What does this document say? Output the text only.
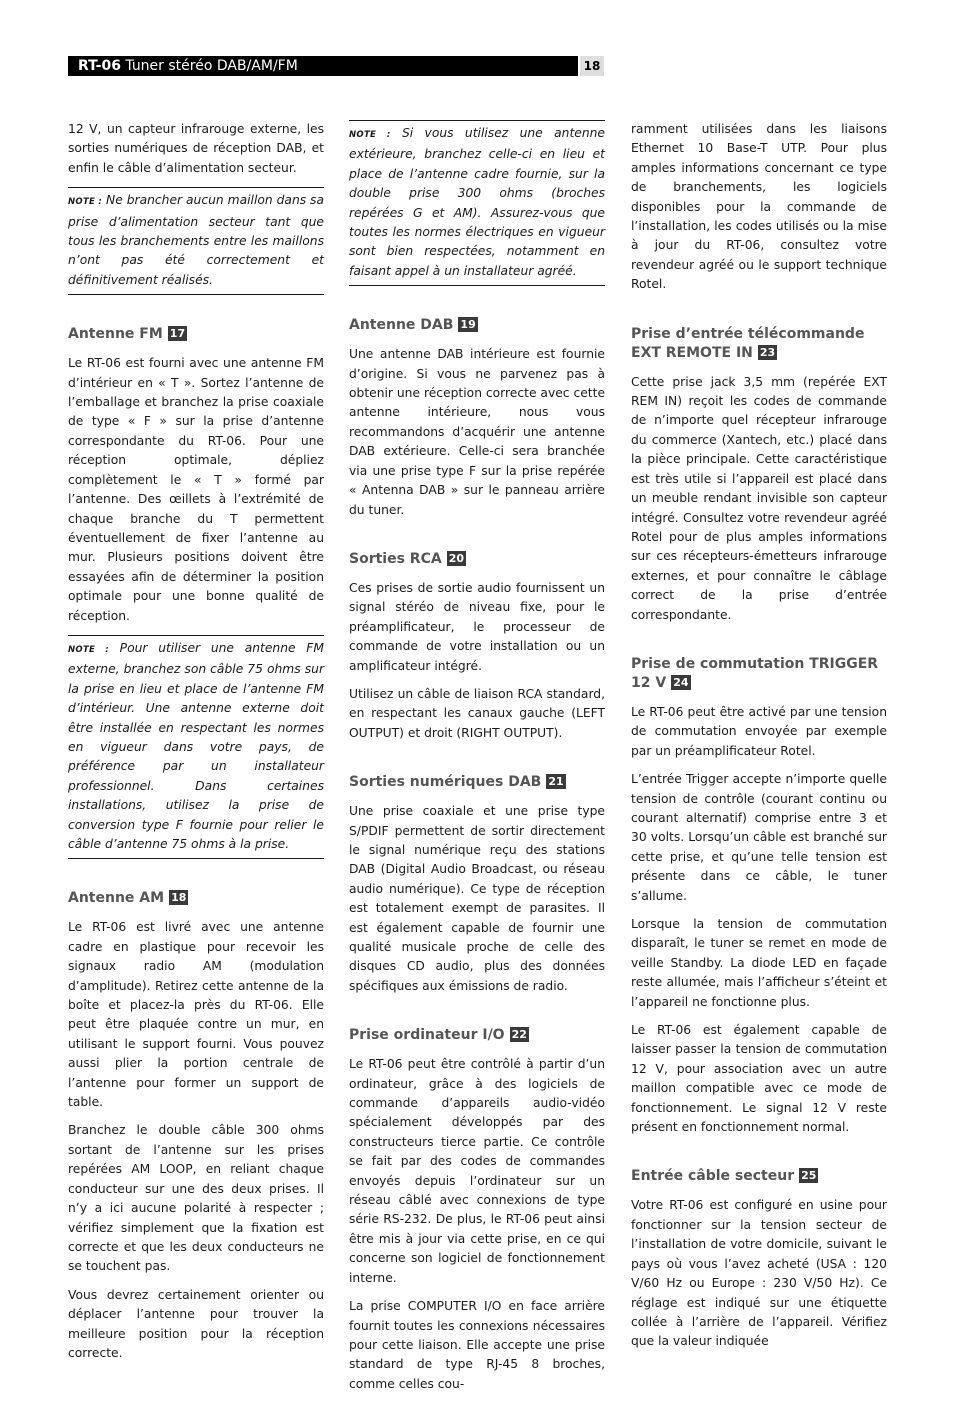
RT-06 Tuner stéréo DAB/AM/FM	18

12 V, un capteur infrarouge externe, les sorties numériques de réception DAB, et enfin le câble d’alimentation secteur.

NOTE : Ne brancher aucun maillon dans sa prise d’alimentation secteur tant que tous les branchements entre les maillons n’ont pas été correctement et définitivement réalisés.
Antenne FM 17

Le RT-06 est fourni avec une antenne FM d’intérieur en « T ». Sortez l’antenne de l’emballage et branchez la prise coaxiale de type « F » sur la prise d’antenne correspondante du RT-06. Pour une réception optimale, dépliez complètement le « T » formé par l’antenne. Des œillets à l’extrémité de chaque branche du T permettent éventuellement de fixer l’antenne au mur. Plusieurs positions doivent être essayées afin de déterminer la position optimale pour une bonne qualité de réception.

NOTE : Pour utiliser une antenne FM externe, branchez son câble 75 ohms sur la prise en lieu et place de l’antenne FM d’intérieur. Une antenne externe doit être installée en respectant les normes en vigueur dans votre pays, de préférence par un installateur professionnel. Dans certaines installations, utilisez la prise de conversion type F fournie pour relier le câble d’antenne 75 ohms à la prise.
Antenne AM 18

Le RT-06 est livré avec une antenne cadre en plastique pour recevoir les signaux radio AM (modulation d’amplitude). Retirez cette antenne de la boîte et placez-la près du RT-06. Elle peut être plaquée contre un mur, en utilisant le support fourni. Vous pouvez aussi plier la portion centrale de l’antenne pour former un support de table.

Branchez le double câble 300 ohms sortant de l’antenne sur les prises repérées AM LOOP, en reliant chaque conducteur sur une des deux prises. Il n’y a ici aucune polarité à respecter ; vérifiez simplement que la fixation est correcte et que les deux conducteurs ne se touchent pas.

Vous devrez certainement orienter ou déplacer l’antenne pour trouver la meilleure position pour la réception correcte.

NOTE : Si vous utilisez une antenne extérieure, branchez celle-ci en lieu et place de l’antenne cadre fournie, sur la double prise 300 ohms (broches repérées G et AM). Assurez-vous que toutes les normes électriques en vigueur sont bien respectées, notamment en faisant appel à un installateur agréé.
Antenne DAB 19

Une antenne DAB intérieure est fournie d’origine. Si vous ne parvenez pas à obtenir une réception correcte avec cette antenne intérieure, nous vous recommandons d’acquérir une antenne DAB extérieure. Celle-ci sera branchée via une prise type F sur la prise repérée « Antenna DAB » sur le panneau arrière du tuner.

Sorties RCA 20

Ces prises de sortie audio fournissent un signal stéréo de niveau fixe, pour le préamplificateur, le processeur de commande de votre installation ou un amplificateur intégré.

Utilisez un câble de liaison RCA standard, en respectant les canaux gauche (LEFT OUTPUT) et droit (RIGHT OUTPUT).

Sorties numériques DAB 21

Une prise coaxiale et une prise type S/PDIF permettent de sortir directement le signal numérique reçu des stations DAB (Digital Audio Broadcast, ou réseau audio numérique). Ce type de réception est totalement exempt de parasites. Il est également capable de fournir une qualité musicale proche de celle des disques CD audio, plus des données spécifiques aux émissions de radio.

Prise ordinateur I/O 22

Le RT-06 peut être contrôlé à partir d’un ordinateur, grâce à des logiciels de commande d’appareils audio-vidéo spécialement développés par des constructeurs tierce partie. Ce contrôle se fait par des codes de commandes envoyés depuis l’ordinateur sur un réseau câblé avec connexions de type série RS-232. De plus, le RT-06 peut ainsi être mis à jour via cette prise, en ce qui concerne son logiciel de fonctionnement interne.

La prise COMPUTER I/O en face arrière fournit toutes les connexions nécessaires pour cette liaison. Elle accepte une prise standard de type RJ-45 8 broches, comme celles cou-

ramment utilisées dans les liaisons Ethernet 10 Base-T UTP. Pour plus amples informations concernant ce type de branchements, les logiciels disponibles pour la commande de l’installation, les codes utilisés ou la mise à jour du RT-06, consultez votre revendeur agréé ou le support technique Rotel.

Prise d’entrée télécommande EXT REMOTE IN 23

Cette prise jack 3,5 mm (repérée EXT REM IN) reçoit les codes de commande de n’importe quel récepteur infrarouge du commerce (Xantech, etc.) placé dans la pièce principale. Cette caractéristique est très utile si l’appareil est placé dans un meuble rendant invisible son capteur intégré. Consultez votre revendeur agréé Rotel pour de plus amples informations sur ces récepteurs-émetteurs infrarouge externes, et pour connaître le câblage correct de la prise d’entrée correspondante.

Prise de commutation TRIGGER 12 V 24

Le RT-06 peut être activé par une tension de commutation envoyée par exemple par un préamplificateur Rotel.

L’entrée Trigger accepte n’importe quelle tension de contrôle (courant continu ou courant alternatif) comprise entre 3 et 30 volts. Lorsqu’un câble est branché sur cette prise, et qu’une telle tension est présente dans ce câble, le tuner s’allume.

Lorsque la tension de commutation disparaît, le tuner se remet en mode de veille Standby. La diode LED en façade reste allumée, mais l’afficheur s’éteint et l’appareil ne fonctionne plus.

Le RT-06 est également capable de laisser passer la tension de commutation 12 V, pour association avec un autre maillon compatible avec ce mode de fonctionnement. Le signal 12 V reste présent en fonctionnement normal.

Entrée câble secteur 25

Votre RT-06 est configuré en usine pour fonctionner sur la tension secteur de l’installation de votre domicile, suivant le pays où vous l’avez acheté (USA : 120 V/60 Hz ou Europe : 230 V/50 Hz). Ce réglage est indiqué sur une étiquette collée à l’arrière de l’appareil. Vérifiez que la valeur indiquée
